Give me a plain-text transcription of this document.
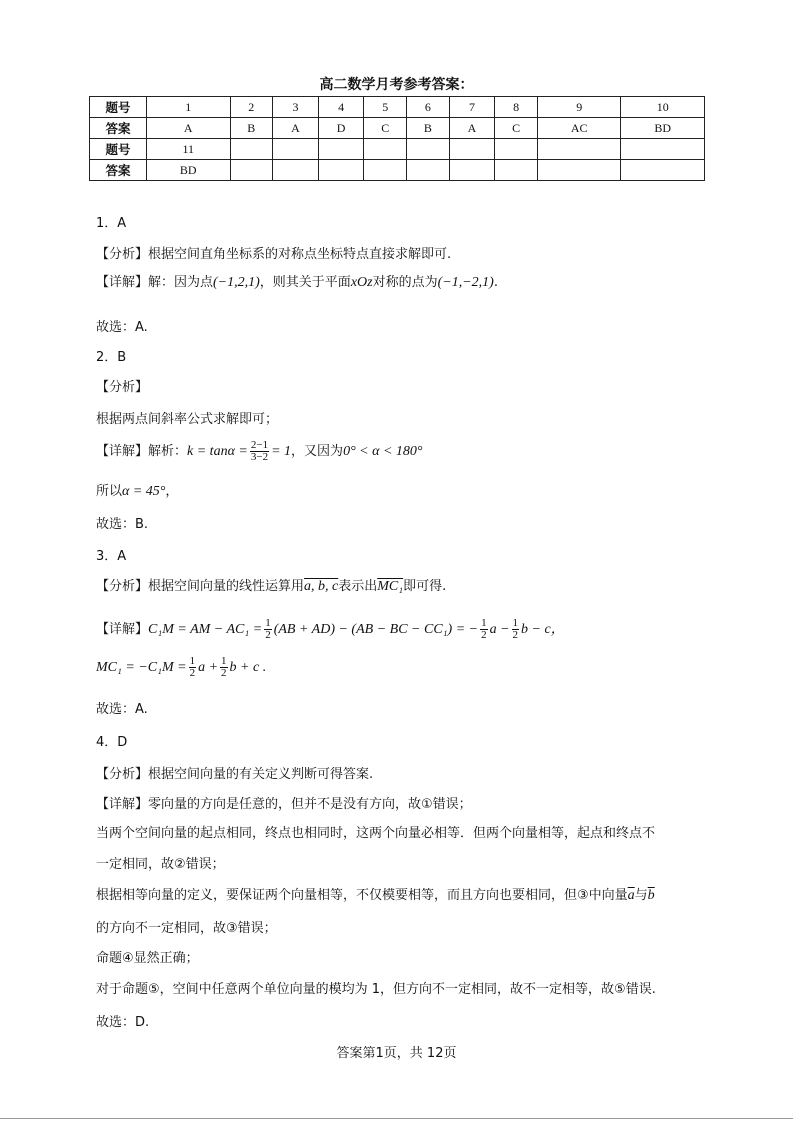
高二数学月考参考答案：
题号	1	2	3	4	5	6	7	8	9	10
答案	A	B	A	D	C	B	A	C	AC	BD
题号	11									
答案	BD									
1．A
【分析】根据空间直角坐标系的对称点坐标特点直接求解即可.
【详解】解：因为点(−1,2,1)，则其关于平面xOz对称的点为(−1,−2,1).
故选：A.
2．B
【分析】
根据两点间斜率公式求解即可；
【详解】解析：$k = \tan\alpha = \frac{2-1}{3-2} = 1$，又因为0° < α < 180°
所以α = 45°，
故选：B.
3．A
【分析】根据空间向量的线性运算用a, b, c表示出MC₁即可得.
【详解】C₁M = AM − $AC_1 = \frac{1}{2} (AB + AD) - (AB$ − BC − CC₁) = − $\frac{1}{2}$ $a - \frac{1}{2}$ b − c，
$MC_1 = -C_1M = \frac{1}{2}$ $a + \frac{1}{2}$ b + c .
故选：A.
4．D
【分析】根据空间向量的有关定义判断可得答案.
【详解】零向量的方向是任意的，但并不是没有方向，故①错误；
当两个空间向量的起点相同，终点也相同时，这两个向量必相等．但两个向量相等，起点和终点不
一定相同，故②错误；
根据相等向量的定义，要保证两个向量相等，不仅模要相等，而且方向也要相同，但③中向量$\overline{a}$与$\overline{b}$
的方向不一定相同，故③错误；
命题④显然正确；
对于命题⑤，空间中任意两个单位向量的模均为 1，但方向不一定相同，故不一定相等，故⑤错误.
故选：D.
答案第1页，共 12页
